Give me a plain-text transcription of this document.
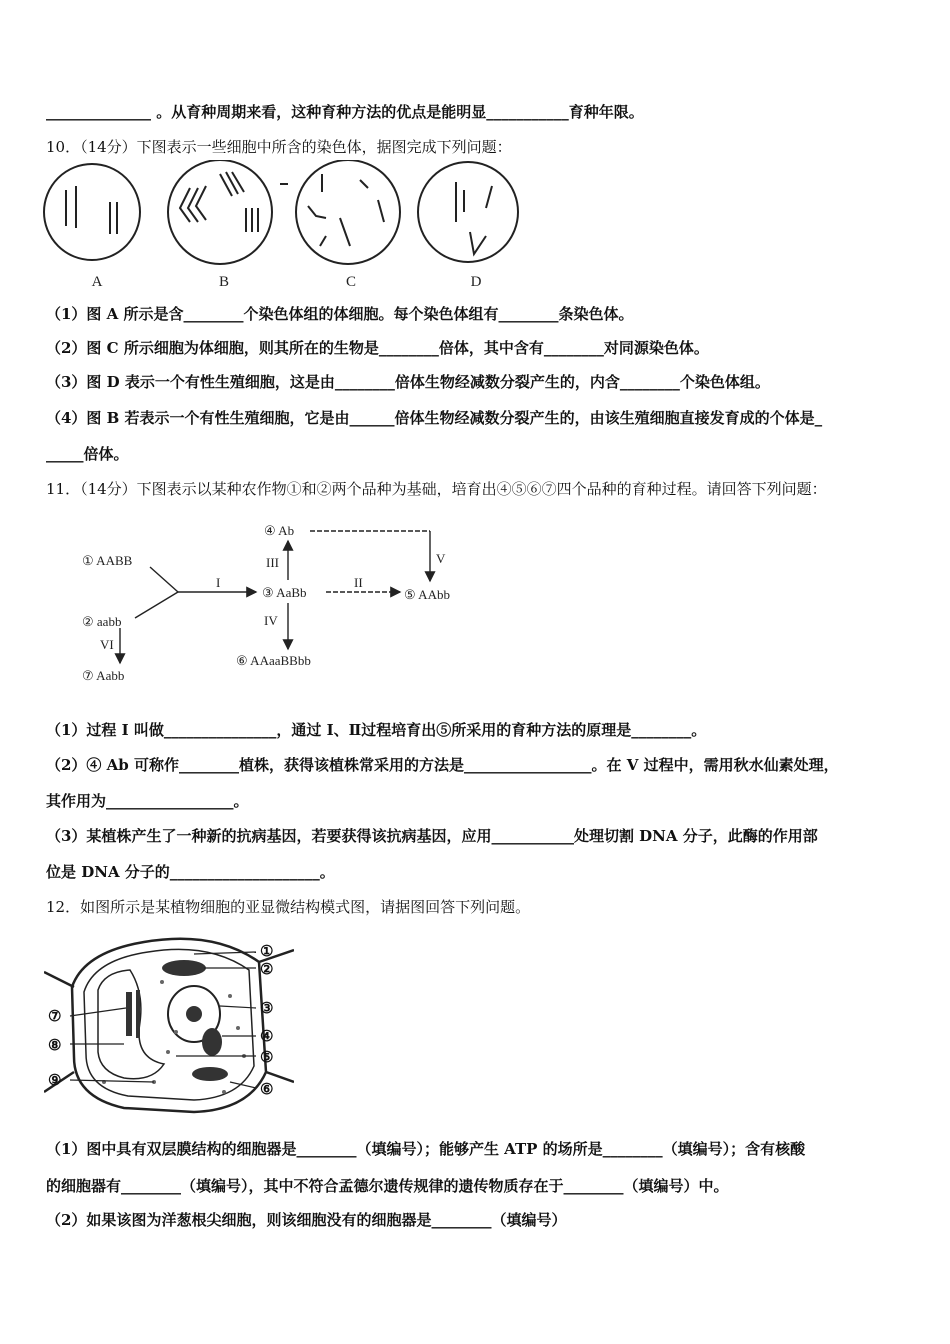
______________ 。从育种周期来看，这种育种方法的优点是能明显___________育种年限。
10．（14分）下图表示一些细胞中所含的染色体，据图完成下列问题：
A	B	C	D
（1）图 A 所示是含________个染色体组的体细胞。每个染色体组有________条染色体。
（2）图 C 所示细胞为体细胞，则其所在的生物是________倍体，其中含有________对同源染色体。
（3）图 D 表示一个有性生殖细胞，这是由________倍体生物经减数分裂产生的，内含________个染色体组。
（4）图 B 若表示一个有性生殖细胞，它是由______倍体生物经减数分裂产生的，由该生殖细胞直接发育成的个体是_
_____倍体。
11．（14分）下图表示以某种农作物①和②两个品种为基础，培育出④⑤⑥⑦四个品种的育种过程。请回答下列问题：
① AABB
② aabb
③ AaBb
④ Ab
⑤ AAbb
⑥ AAaaBBbb
⑦ Aabb
I	II
III
IV
V
VI
（1）过程 I 叫做_______________，通过 I、Ⅱ过程培育出⑤所采用的育种方法的原理是________。
（2）④ Ab 可称作________植株，获得该植株常采用的方法是_________________。在 V 过程中，需用秋水仙素处理，
其作用为_________________。
（3）某植株产生了一种新的抗病基因，若要获得该抗病基因，应用___________处理切割 DNA 分子，此酶的作用部
位是 DNA 分子的____________________。
12．如图所示是某植物细胞的亚显微结构模式图，请据图回答下列问题。
①
②
③
④
⑤
⑥
⑦
⑧
⑨
（1）图中具有双层膜结构的细胞器是________（填编号）；能够产生 ATP 的场所是________（填编号）；含有核酸
的细胞器有________（填编号），其中不符合孟德尔遗传规律的遗传物质存在于________（填编号）中。
（2）如果该图为洋葱根尖细胞，则该细胞没有的细胞器是________（填编号）
